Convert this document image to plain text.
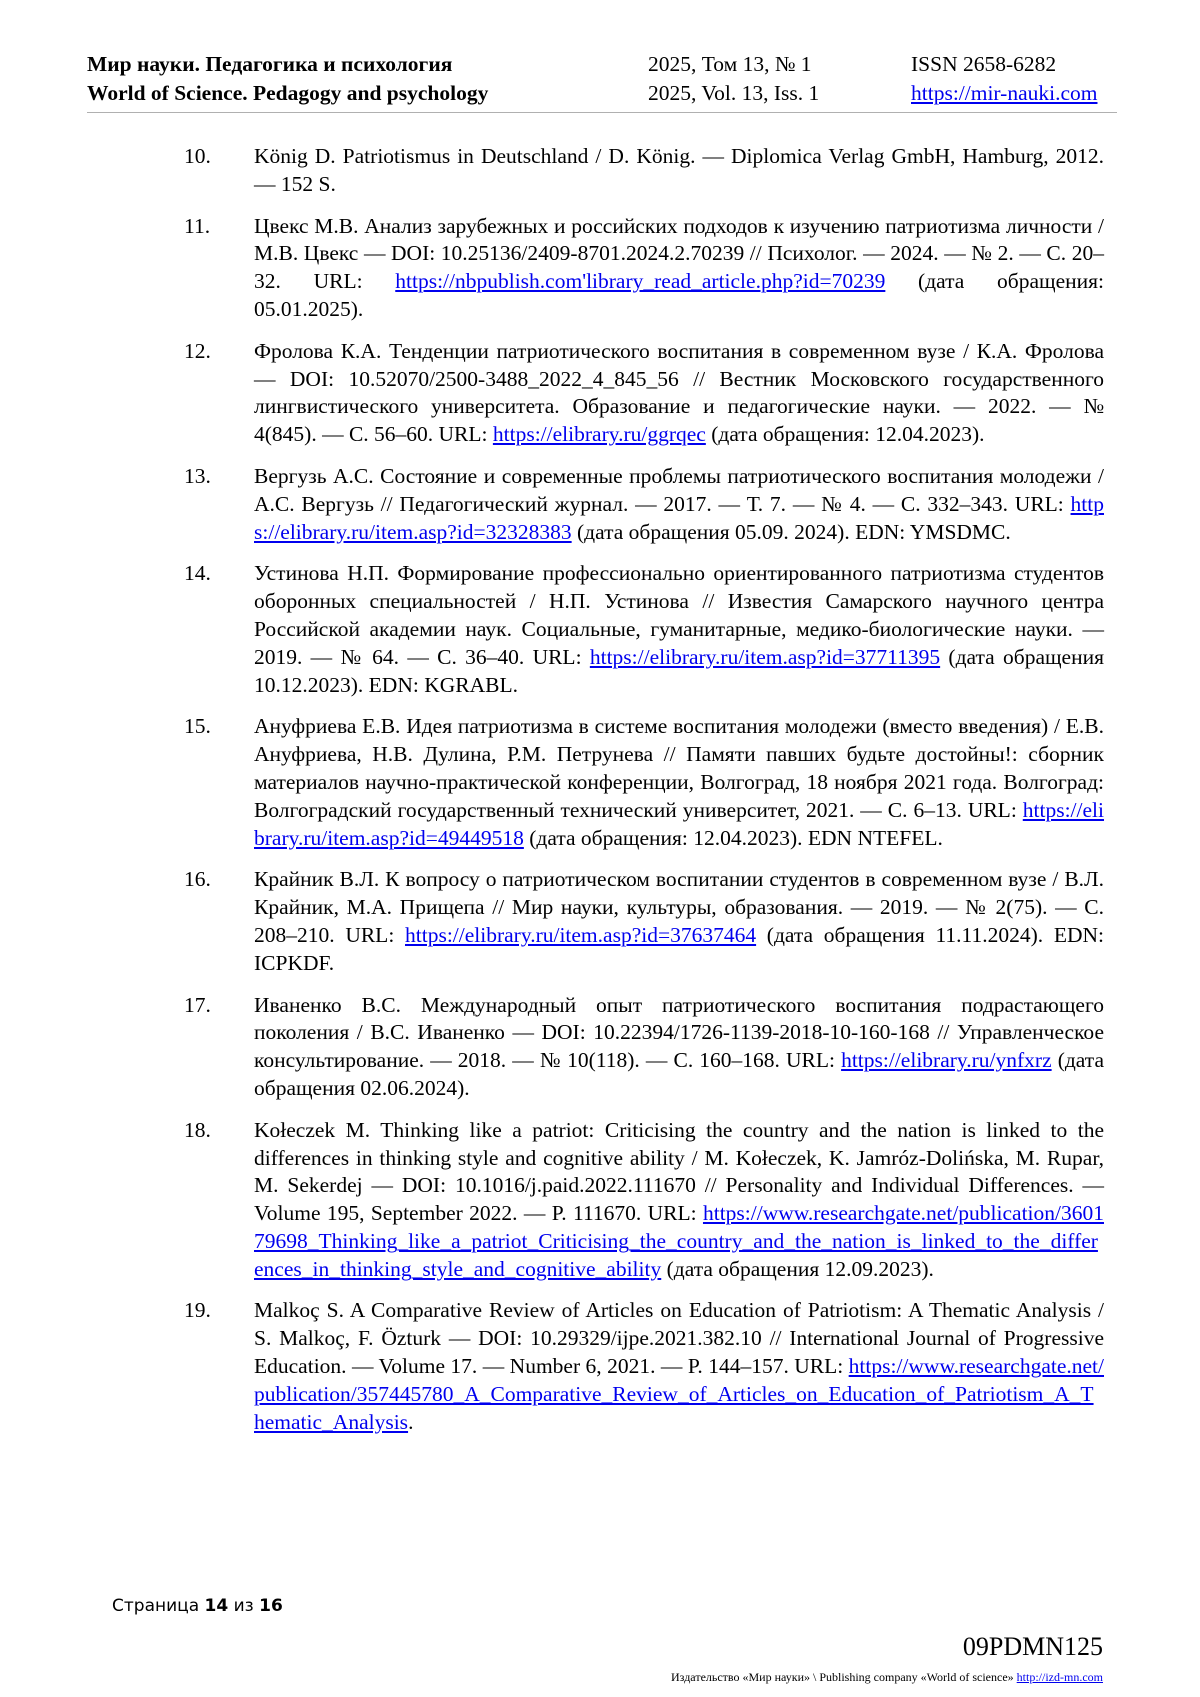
Мир науки. Педагогика и психология
World of Science. Pedagogy and psychology
2025, Том 13, № 1
2025, Vol. 13, Iss. 1
ISSN 2658-6282
https://mir-nauki.com
10.	König D. Patriotismus in Deutschland / D. König. — Diplomica Verlag GmbH, Hamburg, 2012. — 152 S.
11.	Цвекс М.В. Анализ зарубежных и российских подходов к изучению патриотизма личности / М.В. Цвекс — DOI: 10.25136/2409-8701.2024.2.70239 // Психолог. — 2024. — № 2. — С. 20–32. URL: https://nbpublish.com'library_read_article.php?id=70239 (дата обращения: 05.01.2025).
12.	Фролова К.А. Тенденции патриотического воспитания в современном вузе / К.А. Фролова — DOI: 10.52070/2500-3488_2022_4_845_56 // Вестник Московского государственного лингвистического университета. Образование и педагогические науки. — 2022. — № 4(845). — С. 56–60. URL: https://elibrary.ru/ggrqec (дата обращения: 12.04.2023).
13.	Вергузь А.С. Состояние и современные проблемы патриотического воспитания молодежи / А.С. Вергузь // Педагогический журнал. — 2017. — Т. 7. — № 4. — С. 332–343. URL: https://elibrary.ru/item.asp?id=32328383 (дата обращения 05.09. 2024). EDN: YMSDMC.
14.	Устинова Н.П. Формирование профессионально ориентированного патриотизма студентов оборонных специальностей / Н.П. Устинова // Известия Самарского научного центра Российской академии наук. Социальные, гуманитарные, медико-биологические науки. — 2019. — № 64. — С. 36–40. URL: https://elibrary.ru/item.asp?id=37711395 (дата обращения 10.12.2023). EDN: KGRABL.
15.	Ануфриева Е.В. Идея патриотизма в системе воспитания молодежи (вместо введения) / Е.В. Ануфриева, Н.В. Дулина, Р.М. Петрунева // Памяти павших будьте достойны!: сборник материалов научно-практической конференции, Волгоград, 18 ноября 2021 года. Волгоград: Волгоградский государственный технический университет, 2021. — С. 6–13. URL: https://elibrary.ru/item.asp?id=49449518 (дата обращения: 12.04.2023). EDN NTEFEL.
16.	Крайник В.Л. К вопросу о патриотическом воспитании студентов в современном вузе / В.Л. Крайник, М.А. Прищепа // Мир науки, культуры, образования. — 2019. — № 2(75). — С. 208–210. URL: https://elibrary.ru/item.asp?id=37637464 (дата обращения 11.11.2024). EDN: ICPKDF.
17.	Иваненко В.С. Международный опыт патриотического воспитания подрастающего поколения / В.С. Иваненко — DOI: 10.22394/1726-1139-2018-10-160-168 // Управленческое консультирование. — 2018. — № 10(118). — С. 160–168. URL: https://elibrary.ru/ynfxrz (дата обращения 02.06.2024).
18.	Kołeczek M. Thinking like a patriot: Criticising the country and the nation is linked to the differences in thinking style and cognitive ability / M. Kołeczek, K. Jamróz-Dolińska, M. Rupar, M. Sekerdej — DOI: 10.1016/j.paid.2022.111670 // Personality and Individual Differences. — Volume 195, September 2022. — P. 111670. URL: https://www.researchgate.net/publication/360179698_Thinking_like_a_patriot_Criticising_the_country_and_the_nation_is_linked_to_the_differences_in_thinking_style_and_cognitive_ability (дата обращения 12.09.2023).
19.	Malkoç S. A Comparative Review of Articles on Education of Patriotism: A Thematic Analysis / S. Malkoç, F. Özturk — DOI: 10.29329/ijpe.2021.382.10 // International Journal of Progressive Education. — Volume 17. — Number 6, 2021. — P. 144–157. URL: https://www.researchgate.net/publication/357445780_A_Comparative_Review_of_Articles_on_Education_of_Patriotism_A_Thematic_Analysis.
Страница 14 из 16
09PDMN125
Издательство «Мир науки» \ Publishing company «World of science» http://izd-mn.com
